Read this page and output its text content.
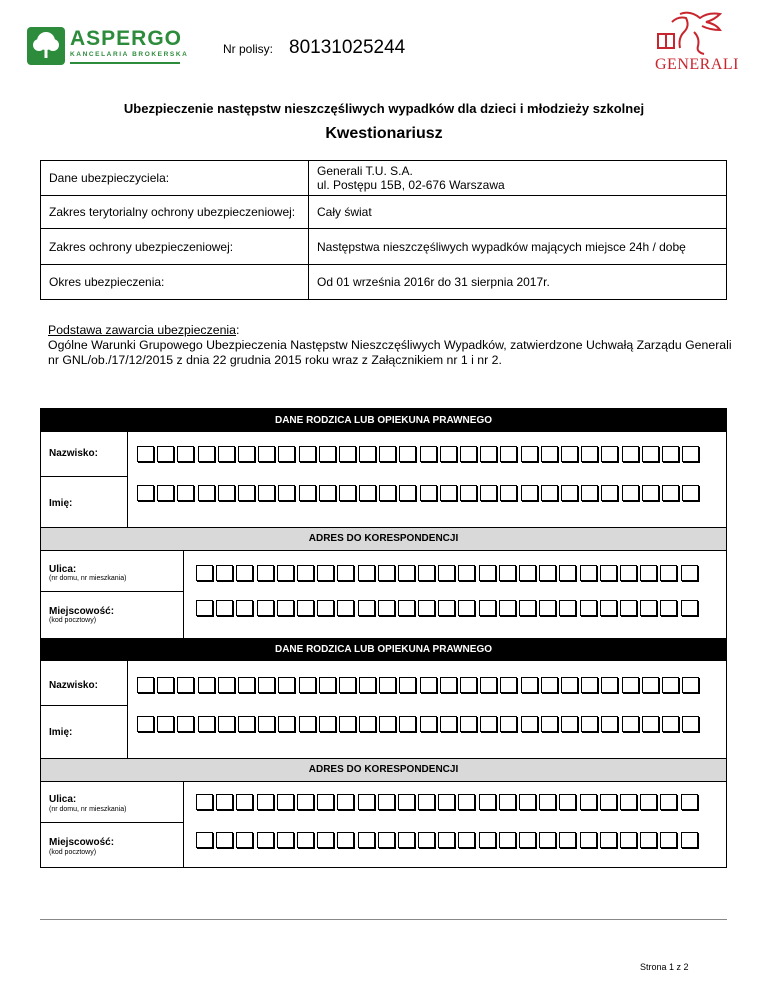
ASPERGO
KANCELARIA BROKERSKA	Nr polisy: 80131025244
GENERALI
Ubezpieczenie następstw nieszczęśliwych wypadków dla dzieci i młodzieży szkolnej
Kwestionariusz
Dane ubezpieczyciela:	Generali T.U. S.A.
ul. Postępu 15B, 02-676 Warszawa

Zakres terytorialny ochrony ubezpieczeniowej:	Cały świat
Zakres ochrony ubezpieczeniowej:	Następstwa nieszczęśliwych wypadków mających miejsce 24h / dobę
Okres ubezpieczenia:	Od 01 września 2016r do 31 sierpnia 2017r.
Podstawa zawarcia ubezpieczenia:
Ogólne Warunki Grupowego Ubezpieczenia Następstw Nieszczęśliwych Wypadków, zatwierdzone Uchwałą Zarządu Generali nr GNL/ob./17/12/2015 z dnia 22 grudnia 2015 roku wraz z Załącznikiem nr 1 i nr 2.
DANE RODZICA LUB OPIEKUNA PRAWNEGO
Nazwisko:
Imię:
ADRES DO KORESPONDENCJI
Ulica:
(nr domu, nr mieszkania)
Miejscowość:
(kod pocztowy)
DANE RODZICA LUB OPIEKUNA PRAWNEGO
Nazwisko:
Imię:
ADRES DO KORESPONDENCJI
Ulica:
(nr domu, nr mieszkania)
Miejscowość:
(kod pocztowy)
Strona 1 z 2
